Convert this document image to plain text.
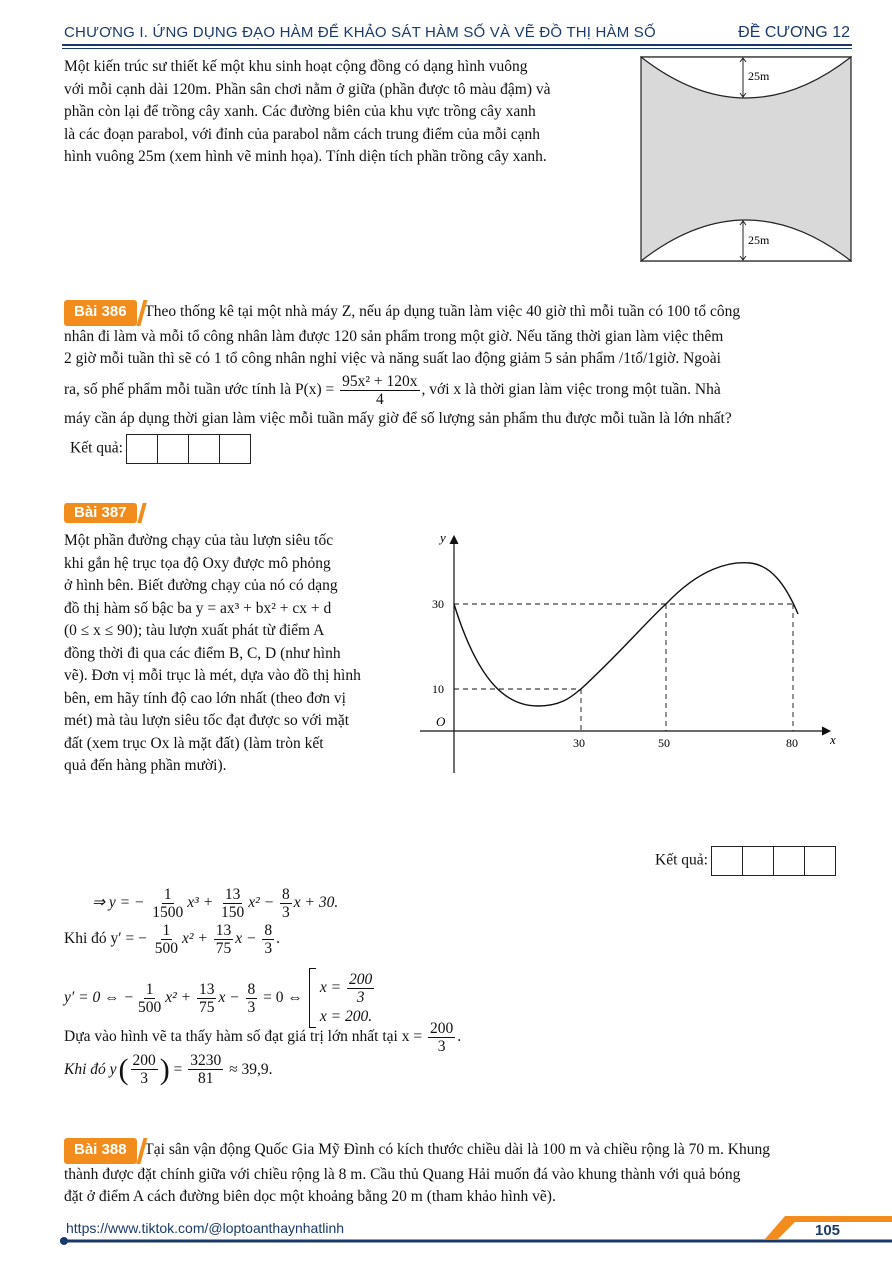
CHƯƠNG I. ỨNG DỤNG ĐẠO HÀM ĐỂ KHẢO SÁT HÀM SỐ VÀ VẼ ĐỒ THỊ HÀM SỐ	ĐỀ CƯƠNG 12

Một kiến trúc sư thiết kế một khu sinh hoạt cộng đồng có dạng hình vuông

với mỗi cạnh dài 120m. Phần sân chơi nằm ở giữa (phần được tô màu đậm) và

phần còn lại để trồng cây xanh. Các đường biên của khu vực trồng cây xanh

là các đoạn parabol, với đỉnh của parabol nằm cách trung điểm của mỗi cạnh

hình vuông 25m (xem hình vẽ minh họa). Tính diện tích phần trồng cây xanh.

25m
25m

Bài 386 Theo thống kê tại một nhà máy Z, nếu áp dụng tuần làm việc 40 giờ thì mỗi tuần có 100 tổ công

nhân đi làm và mỗi tổ công nhân làm được 120 sản phẩm trong một giờ. Nếu tăng thời gian làm việc thêm

2 giờ mỗi tuần thì sẽ có 1 tổ công nhân nghỉ việc và năng suất lao động giảm 5 sản phẩm /1tổ/1giờ. Ngoài

ra, số phế phẩm mỗi tuần ước tính là $P(x) = \frac{\text{95x² + 120x}}{4}$ , với x là thời gian làm việc trong một tuần. Nhà

máy cần áp dụng thời gian làm việc mỗi tuần mấy giờ để số lượng sản phẩm thu được mỗi tuần là lớn nhất?

Kết quả:

Bài 387

Một phần đường chạy của tàu lượn siêu tốc

khi gắn hệ trục tọa độ Oxy được mô phỏng

ở hình bên. Biết đường chạy của nó có dạng

đồ thị hàm số bậc ba y = ax³ + bx² + cx + d

(0 ≤ x ≤ 90); tàu lượn xuất phát từ điểm A

đồng thời đi qua các điểm B, C, D (như hình

vẽ). Đơn vị mỗi trục là mét, dựa vào đồ thị hình

bên, em hãy tính độ cao lớn nhất (theo đơn vị

mét) mà tàu lượn siêu tốc đạt được so với mặt

đất (xem trục Ox là mặt đất) (làm tròn kết

quả đến hàng phần mười).

y
x
O
30
10
30	50	80
Kết quả:
⇒ y = − $\frac{1}{1500} x^3 + \frac{13}{150} x^2 - \frac{8}{3}$ x + 30.
Khi đó y′ = − $\frac{1}{500} x^2 + \frac{13}{75}$ $x - \frac{8}{3}$ .
y′ = 0 ⇔ − $\frac{1}{500} x^2$ +
$\frac{13}{75}$ x −
$\frac{8}{3}$
= 0 ⇔
$x = \frac{200}{3}$
x = 200.
Dựa vào hình vẽ ta thấy hàm số đạt giá trị lớn nhất tại $x = \frac{200}{3}$ .
Khi đó y ( $\frac{200}{3}$ )
=
$\frac{3230}{81}$
≈ 39,9.

Bài 388 Tại sân vận động Quốc Gia Mỹ Đình có kích thước chiều dài là 100 m và chiều rộng là 70 m. Khung

thành được đặt chính giữa với chiều rộng là 8 m. Cầu thủ Quang Hải muốn đá vào khung thành với quả bóng

đặt ở điểm A cách đường biên dọc một khoảng bằng 20 m (tham khảo hình vẽ).

https://www.tiktok.com/@loptoanthaynhatlinh	105
